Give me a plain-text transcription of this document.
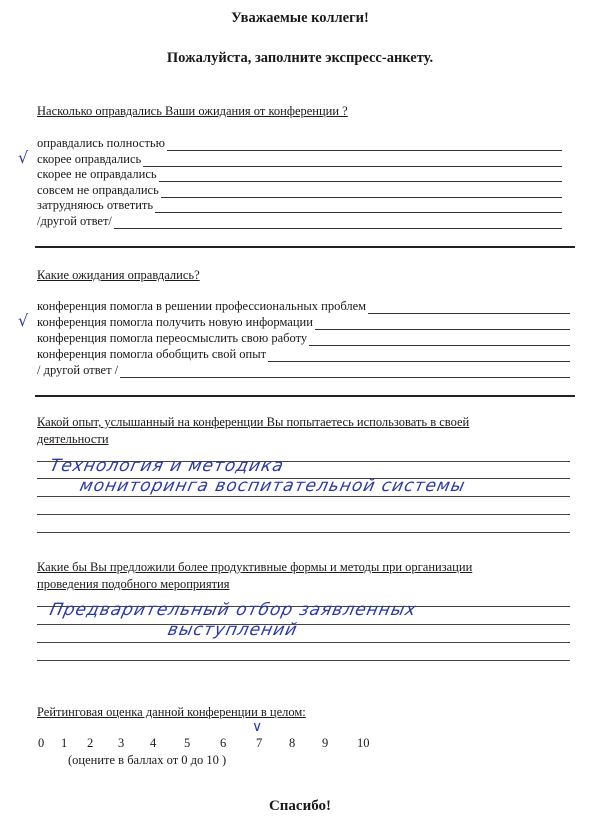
Уважаемые коллеги!
Пожалуйста, заполните экспресс-анкету.
Насколько оправдались Ваши ожидания от конференции ?
√
оправдались полностью
скорее оправдались
скорее не оправдались
совсем не оправдались
затрудняюсь ответить
/другой ответ/
Какие ожидания оправдались?
√
конференция помогла в решении профессиональных проблем
конференция помогла получить новую информации
конференция помогла переосмыслить свою работу
конференция помогла обобщить свой опыт
/ другой ответ /
Какой опыт, услышанный на конференции Вы попытаетесь использовать в своей
деятельности
Технология и методика
мониторинга воспитательной системы
Какие бы Вы предложили более продуктивные формы и методы при организации
проведения подобного мероприятия
Предварительный отбор заявленных
выступлений
Рейтинговая оценка данной конференции в целом:
∨
0 1 2 3 4 5 6 7 8 9 10
(оцените в баллах от 0 до 10 )
Спасибо!
